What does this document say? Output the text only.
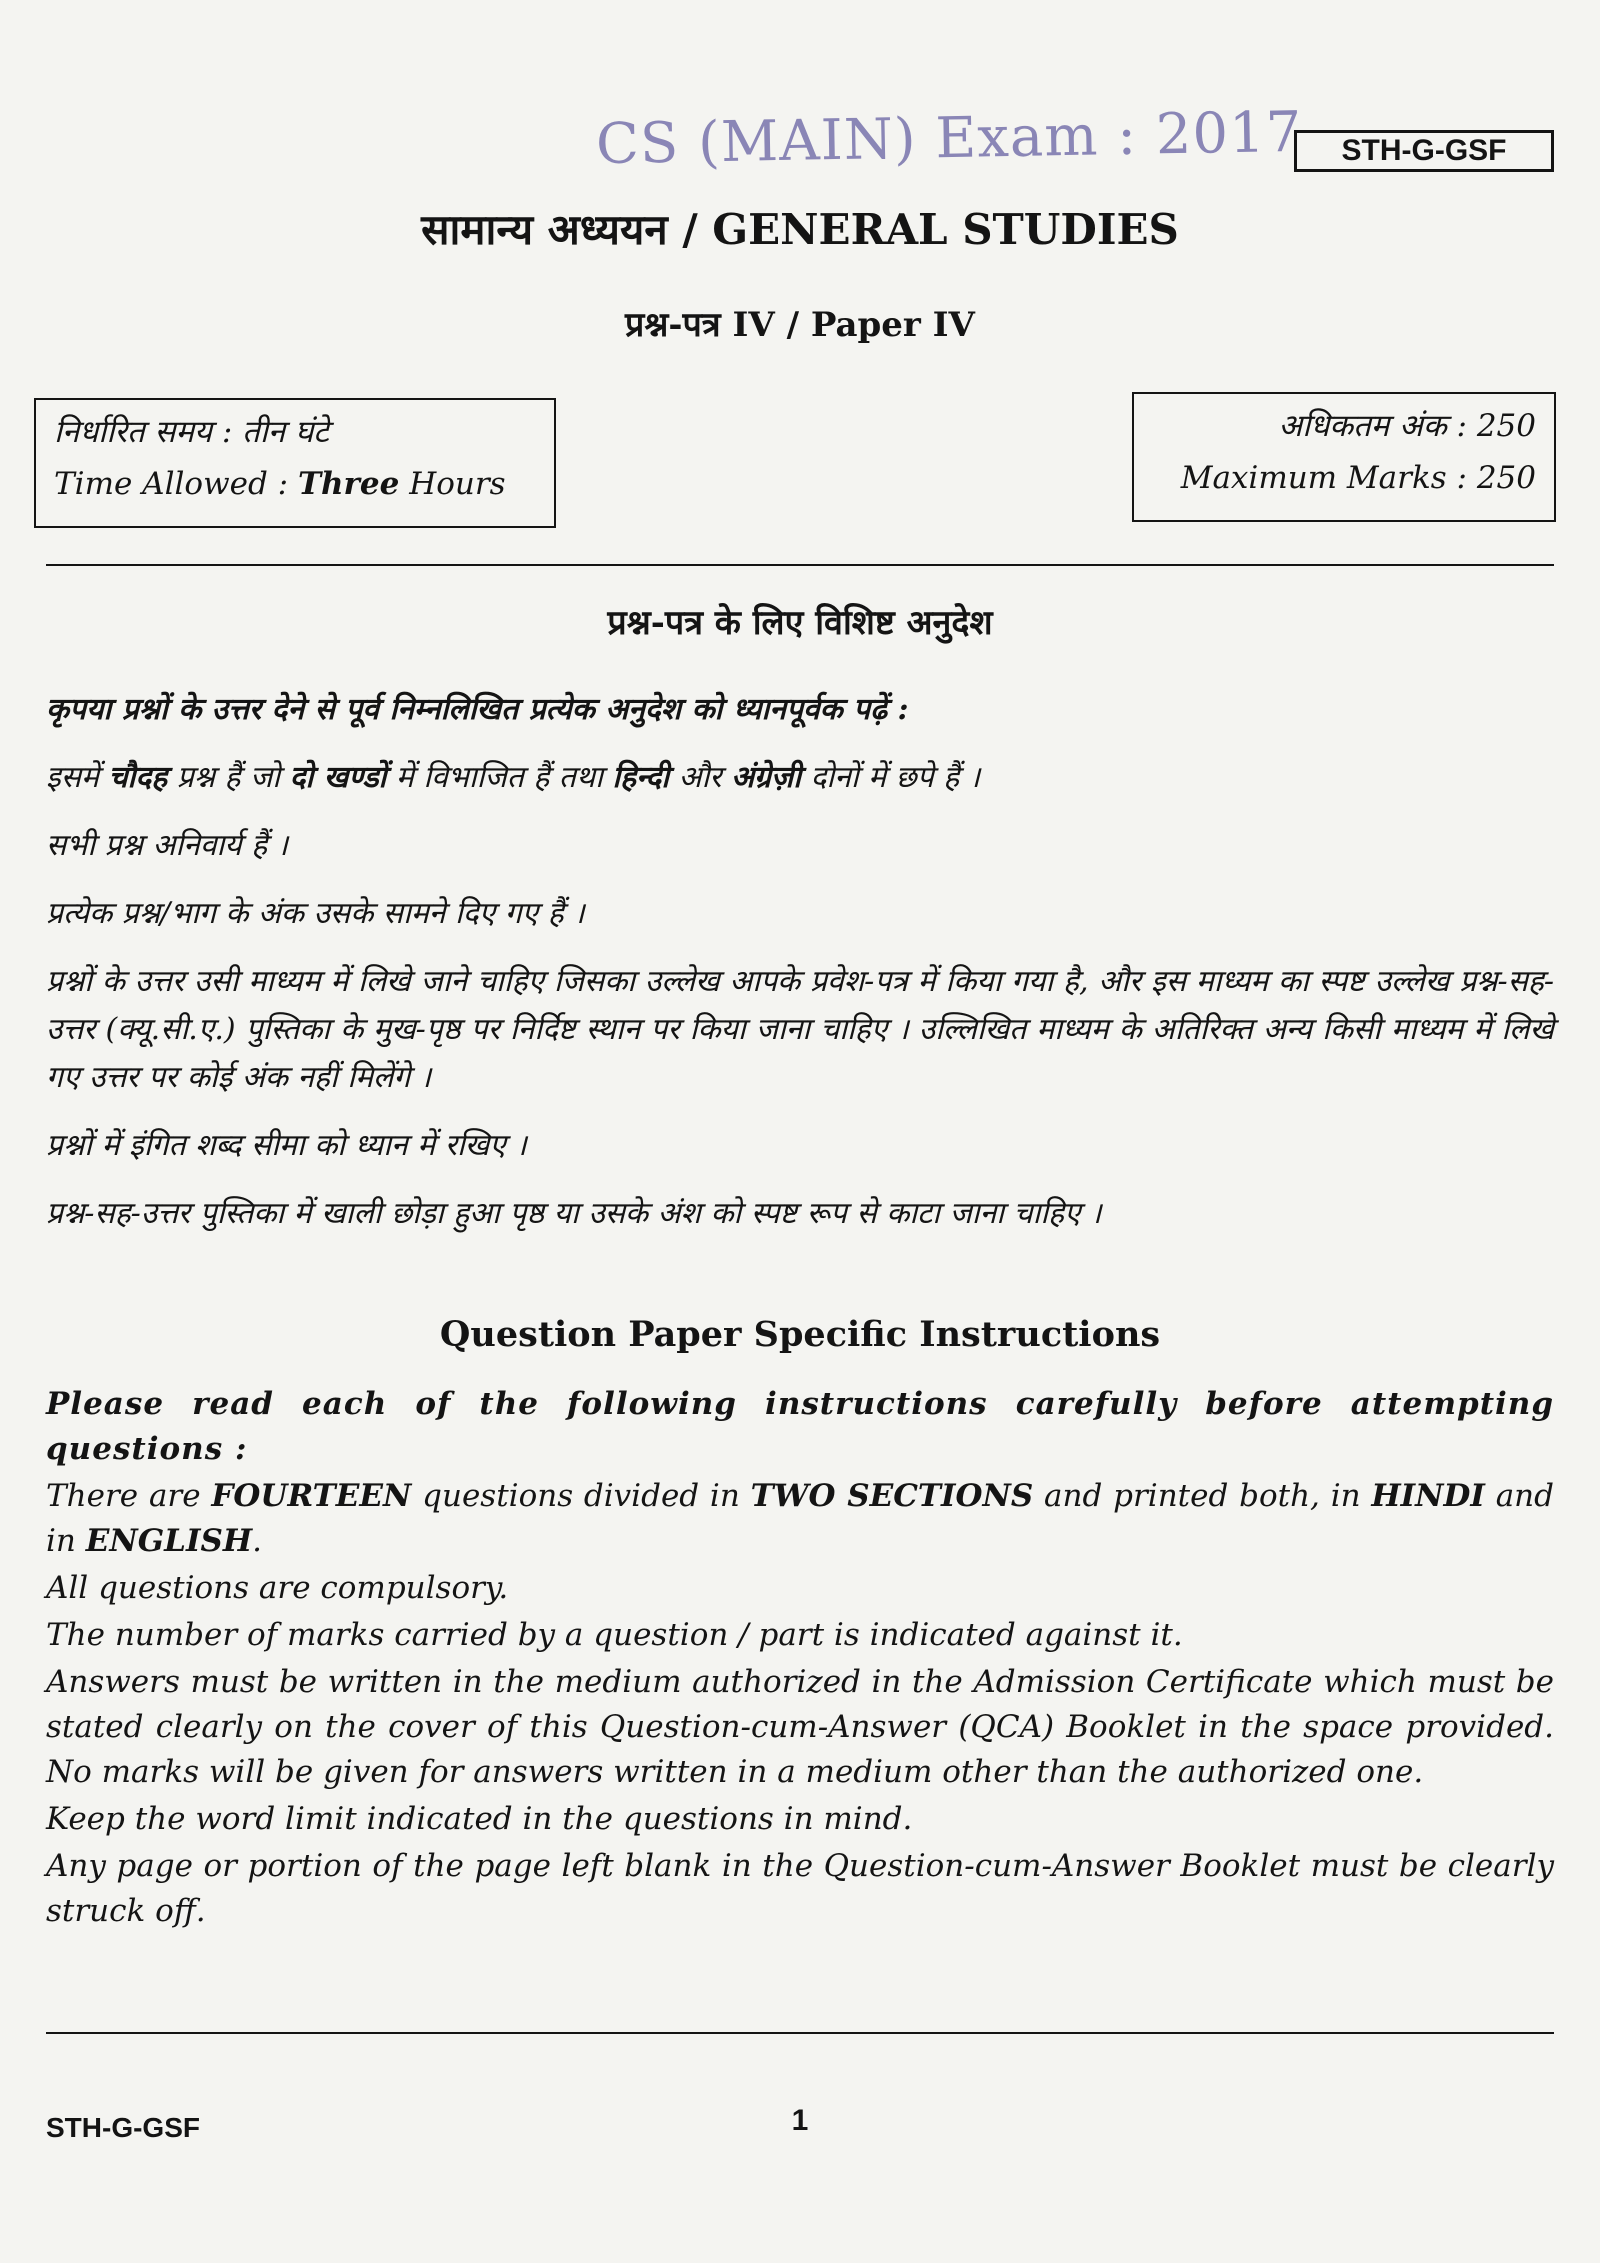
CS (MAIN) Exam : 2017 STH-G-GSF
सामान्य अध्ययन / GENERAL STUDIES
प्रश्न-पत्र IV / Paper IV
निर्धारित समय : तीन घंटे
Time Allowed : Three Hours
अधिकतम अंक : 250
Maximum Marks : 250
प्रश्न-पत्र के लिए विशिष्ट अनुदेश

कृपया प्रश्नों के उत्तर देने से पूर्व निम्नलिखित प्रत्येक अनुदेश को ध्यानपूर्वक पढ़ें :

इसमें चौदह प्रश्न हैं जो दो खण्डों में विभाजित हैं तथा हिन्दी और अंग्रेज़ी दोनों में छपे हैं ।

सभी प्रश्न अनिवार्य हैं ।

प्रत्येक प्रश्न/भाग के अंक उसके सामने दिए गए हैं ।

प्रश्नों के उत्तर उसी माध्यम में लिखे जाने चाहिए जिसका उल्लेख आपके प्रवेश-पत्र में किया गया है, और इस माध्यम का स्पष्ट उल्लेख प्रश्न-सह-उत्तर (क्यू.सी.ए.) पुस्तिका के मुख-पृष्ठ पर निर्दिष्ट स्थान पर किया जाना चाहिए । उल्लिखित माध्यम के अतिरिक्त अन्य किसी माध्यम में लिखे गए उत्तर पर कोई अंक नहीं मिलेंगे ।

प्रश्नों में इंगित शब्द सीमा को ध्यान में रखिए ।

प्रश्न-सह-उत्तर पुस्तिका में खाली छोड़ा हुआ पृष्ठ या उसके अंश को स्पष्ट रूप से काटा जाना चाहिए ।

Question Paper Specific Instructions

Please read each of the following instructions carefully before attempting questions :

There are FOURTEEN questions divided in TWO SECTIONS and printed both, in HINDI and in ENGLISH.

All questions are compulsory.

The number of marks carried by a question / part is indicated against it.

Answers must be written in the medium authorized in the Admission Certificate which must be stated clearly on the cover of this Question-cum-Answer (QCA) Booklet in the space provided. No marks will be given for answers written in a medium other than the authorized one.

Keep the word limit indicated in the questions in mind.

Any page or portion of the page left blank in the Question-cum-Answer Booklet must be clearly struck off.

STH-G-GSF	1
